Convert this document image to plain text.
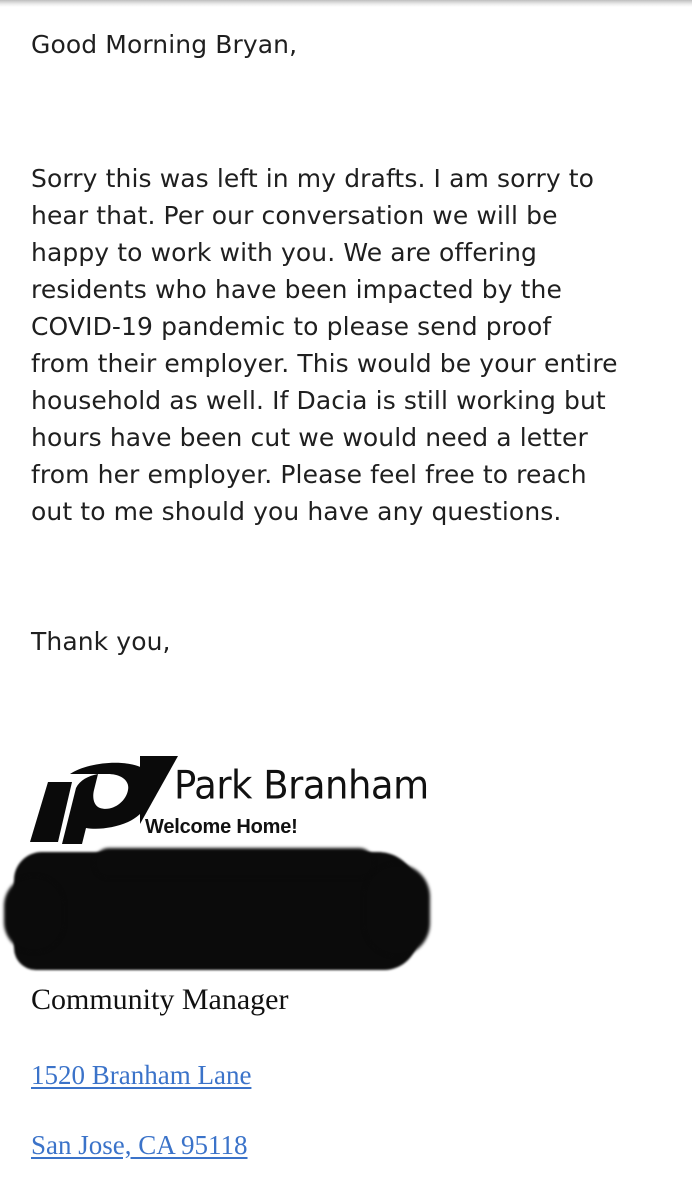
Good Morning Bryan,

Sorry this was left in my drafts. I am sorry to
hear that. Per our conversation we will be
happy to work with you. We are offering
residents who have been impacted by the
COVID-19 pandemic to please send proof
from their employer. This would be your entire
household as well. If Dacia is still working but
hours have been cut we would need a letter
from her employer. Please feel free to reach
out to me should you have any questions.

Thank you,

Park Branham
Welcome Home!

Community Manager

1520 Branham Lane
San Jose, CA 95118
